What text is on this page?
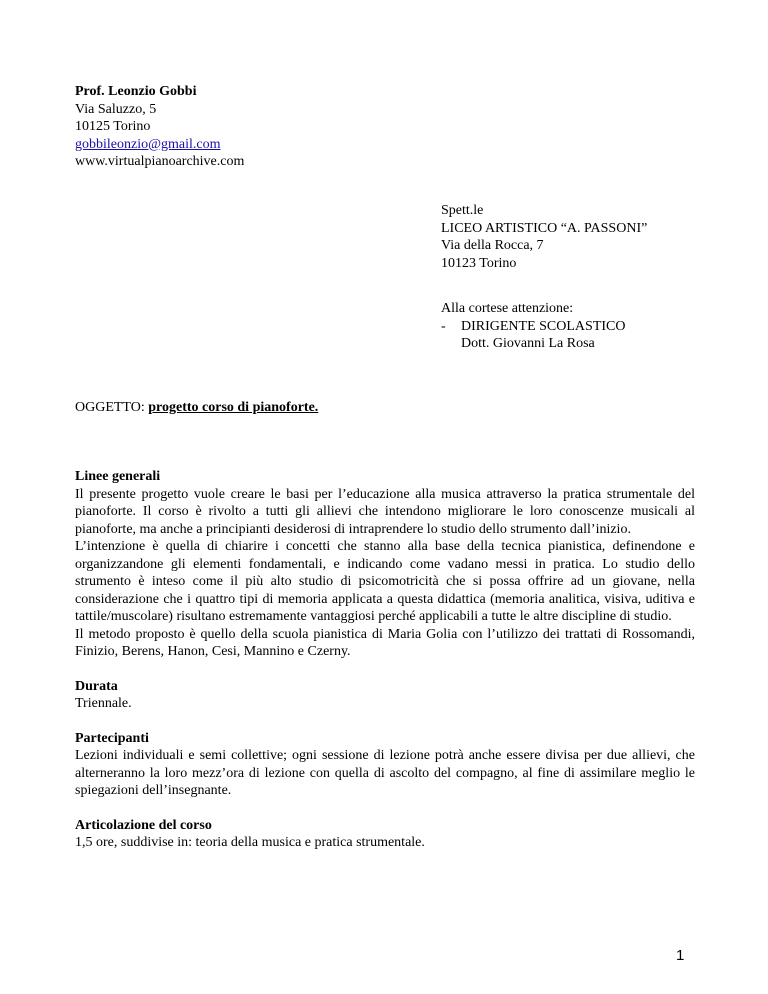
Prof. Leonzio Gobbi
Via Saluzzo, 5
10125 Torino
gobbileonzio@gmail.com
www.virtualpianoarchive.com
Spett.le
LICEO ARTISTICO “A. PASSONI”
Via della Rocca, 7
10123 Torino
Alla cortese attenzione:
- DIRIGENTE SCOLASTICO
Dott. Giovanni La Rosa
OGGETTO: progetto corso di pianoforte.
Linee generali

Il presente progetto vuole creare le basi per l’educazione alla musica attraverso la pratica strumentale del pianoforte. Il corso è rivolto a tutti gli allievi che intendono migliorare le loro conoscenze musicali al pianoforte, ma anche a principianti desiderosi di intraprendere lo studio dello strumento dall’inizio.

L’intenzione è quella di chiarire i concetti che stanno alla base della tecnica pianistica, definendone e organizzandone gli elementi fondamentali, e indicando come vadano messi in pratica. Lo studio dello strumento è inteso come il più alto studio di psicomotricità che si possa offrire ad un giovane, nella considerazione che i quattro tipi di memoria applicata a questa didattica (memoria analitica, visiva, uditiva e tattile/muscolare) risultano estremamente vantaggiosi perché applicabili a tutte le altre discipline di studio.

Il metodo proposto è quello della scuola pianistica di Maria Golia con l’utilizzo dei trattati di Rossomandi, Finizio, Berens, Hanon, Cesi, Mannino e Czerny.

Durata

Triennale.

Partecipanti

Lezioni individuali e semi collettive; ogni sessione di lezione potrà anche essere divisa per due allievi, che alterneranno la loro mezz’ora di lezione con quella di ascolto del compagno, al fine di assimilare meglio le spiegazioni dell’insegnante.

Articolazione del corso

1,5 ore, suddivise in: teoria della musica e pratica strumentale.

1
